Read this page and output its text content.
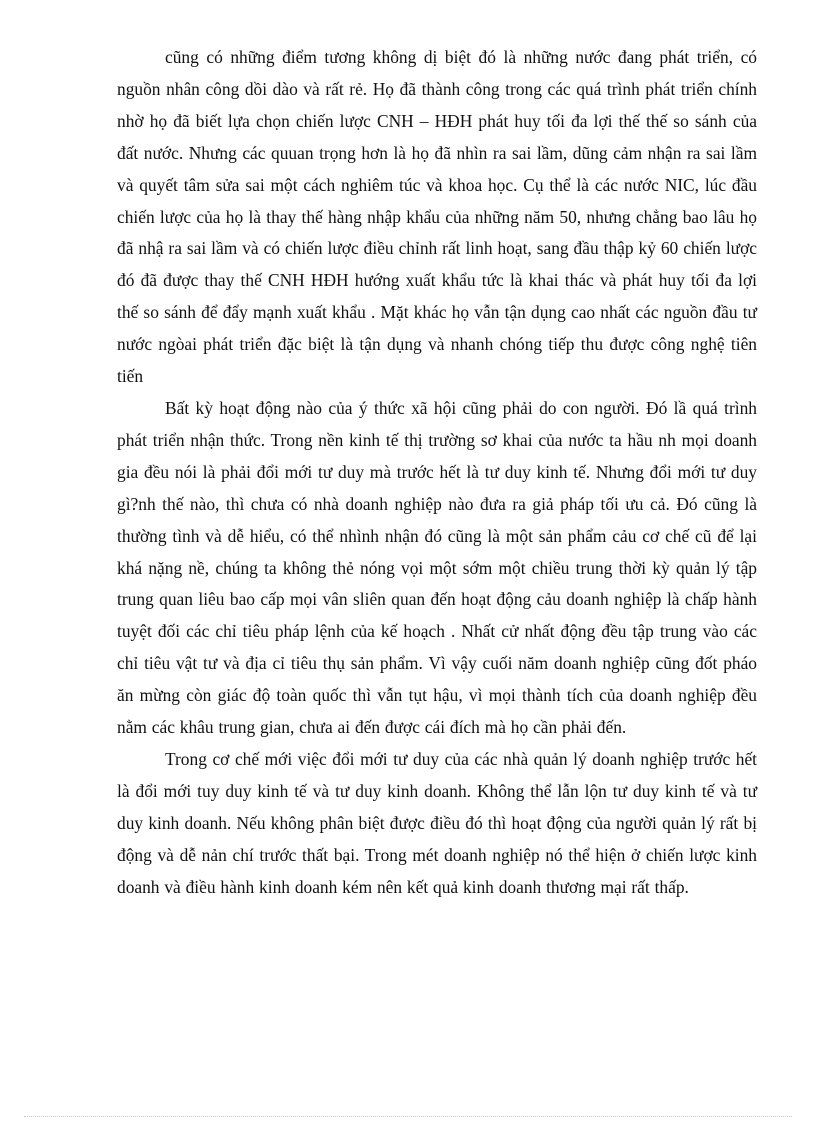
cũng có những điểm tương không dị biệt đó là những nước đang phát triển, có nguồn nhân công dồi dào và rất rẻ. Họ đã thành công trong các quá trình phát triển chính nhờ họ đã biết lựa chọn chiến lược CNH – HĐH phát huy tối đa lợi thế thế so sánh của đất nước. Nhưng các quuan trọng hơn là họ đã nhìn ra sai lầm, dũng cảm nhận ra sai lầm và quyết tâm sửa sai một cách nghiêm túc và khoa học. Cụ thể là các nước NIC, lúc đầu chiến lược của họ là thay thế hàng nhập khẩu của những năm 50, nhưng chẳng bao lâu họ đã nhậ ra sai lầm và có chiến lược điều chỉnh rất linh hoạt, sang đầu thập kỷ 60 chiến lược đó đã được thay thế CNH HĐH hướng xuất khẩu tức là khai thác và phát huy tối đa lợi thế so sánh để đẩy mạnh xuất khẩu . Mặt khác họ vẫn tận dụng cao nhất các nguồn đầu tư nước ngòai phát triển đặc biệt là tận dụng và nhanh chóng tiếp thu được công nghệ tiên tiến

Bất kỳ hoạt động nào của ý thức xã hội cũng phải do con người. Đó lầ quá trình phát triển nhận thức. Trong nền kinh tế thị trường sơ khai của nước ta hầu nh mọi doanh gia đều nói là phải đổi mới tư duy mà trước hết là tư duy kinh tế. Nhưng đổi mới tư duy gì?nh thế nào, thì chưa có nhà doanh nghiệp nào đưa ra giả pháp tối ưu cả. Đó cũng là thường tình và dễ hiểu, có thể nhình nhận đó cũng là một sản phẩm cảu cơ chế cũ để lại khá nặng nề, chúng ta không thẻ nóng vọi một sớm một chiều trung thời kỳ quản lý tập trung quan liêu bao cấp mọi vân sliên quan đến hoạt động cảu doanh nghiệp là chấp hành tuyệt đối các chỉ tiêu pháp lệnh của kế hoạch . Nhất cử nhất động đều tập trung vào các chỉ tiêu vật tư và địa cỉ tiêu thụ sản phẩm. Vì vậy cuối năm doanh nghiệp cũng đốt pháo ăn mừng còn giác độ toàn quốc thì vẫn tụt hậu, vì mọi thành tích của doanh nghiệp đều nằm các khâu trung gian, chưa ai đến được cái đích mà họ cần phải đến.

Trong cơ chế mới việc đổi mới tư duy của các nhà quản lý doanh nghiệp trước hết là đổi mới tuy duy kinh tế và tư duy kinh doanh. Không thể lẫn lộn tư duy kinh tế và tư duy kinh doanh. Nếu không phân biệt được điều đó thì hoạt động của người quản lý rất bị động và dễ nản chí trước thất bại. Trong mét doanh nghiệp nó thể hiện ở chiến lược kinh doanh và điều hành kinh doanh kém nên kết quả kinh doanh thương mại rất thấp.
